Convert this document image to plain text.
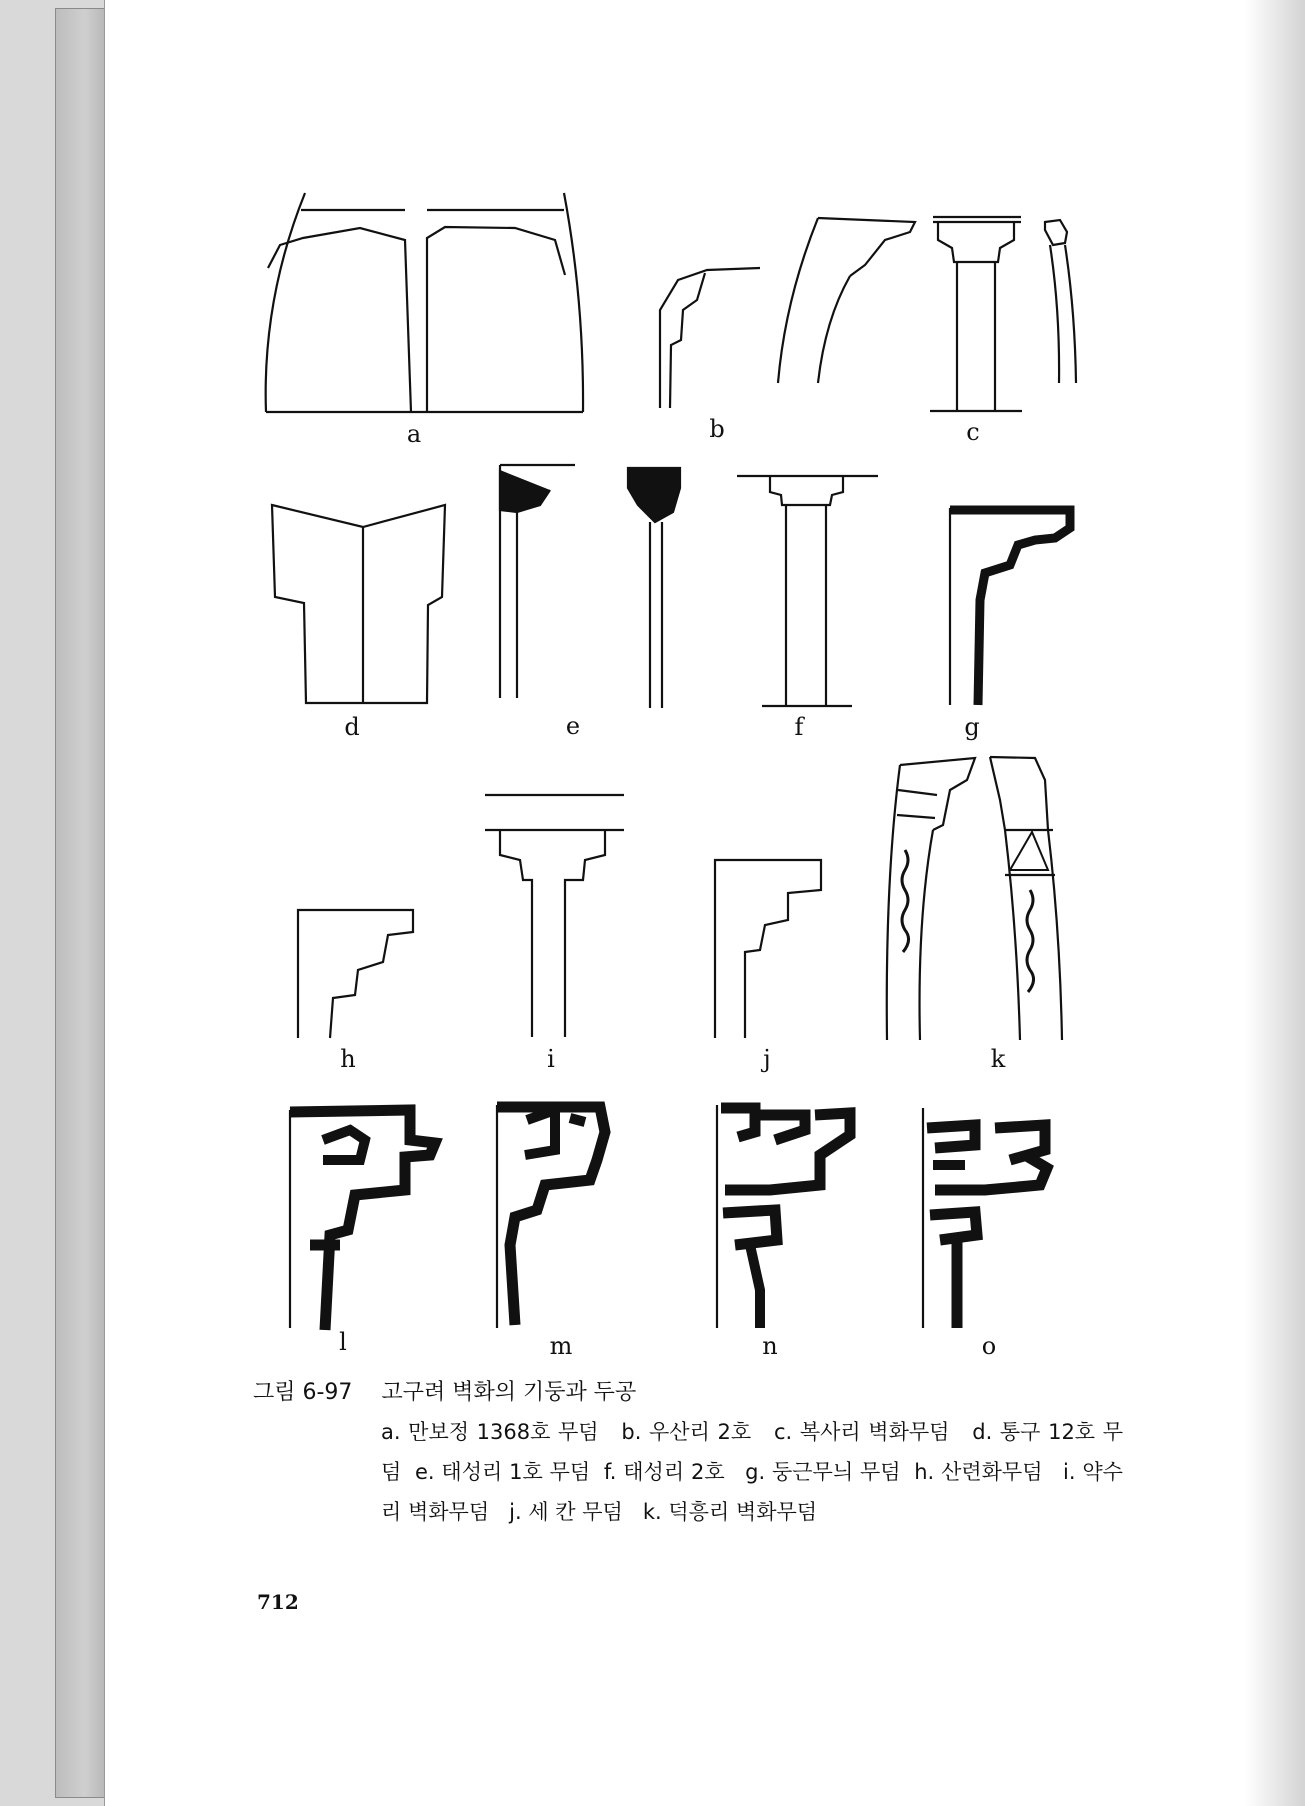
a	b	c
d	e	f	g
h	i	j	k
l	m	n	o
그림 6-97 고구려 벽화의 기둥과 두공
a. 만보정 1368호 무덤 b. 우산리 2호 c. 복사리 벽화무덤 d. 통구 12호 무덤 e. 태성리 1호 무덤 f. 태성리 2호 g. 둥근무늬 무덤 h. 산련화무덤 i. 약수리 벽화무덤 j. 세 칸 무덤 k. 덕흥리 벽화무덤
712
